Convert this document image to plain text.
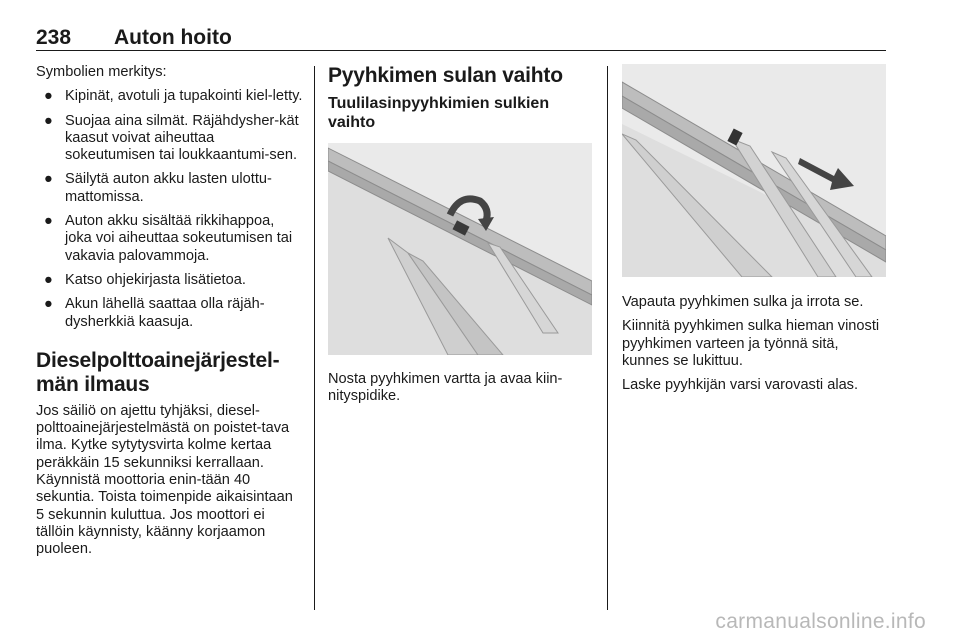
238 Auton hoito

Symbolien merkitys:

● Kipinät, avotuli ja tupakointi kiel-letty.
● Suojaa aina silmät. Räjähdysher-kät kaasut voivat aiheuttaa sokeutumisen tai loukkaantumi-sen.
● Säilytä auton akku lasten ulottu-mattomissa.
● Auton akku sisältää rikkihappoa, joka voi aiheuttaa sokeutumisen tai vakavia palovammoja.
● Katso ohjekirjasta lisätietoa.
● Akun lähellä saattaa olla räjäh-dysherkkiä kaasuja.
Dieselpolttoainejärjestel-män ilmaus

Jos säiliö on ajettu tyhjäksi, diesel-polttoainejärjestelmästä on poistet-tava ilma. Kytke sytytysvirta kolme kertaa peräkkäin 15 sekunniksi kerrallaan. Käynnistä moottoria enin-tään 40 sekuntia. Toista toimenpide aikaisintaan 5 sekunnin kuluttua. Jos moottori ei tällöin käynnisty, käänny korjaamon puoleen.

Pyyhkimen sulan vaihto
Tuulilasinpyyhkimien sulkien vaihto

Nosta pyyhkimen vartta ja avaa kiin-nityspidike.

Vapauta pyyhkimen sulka ja irrota se.

Kiinnitä pyyhkimen sulka hieman vinosti pyyhkimen varteen ja työnnä sitä, kunnes se lukittuu.

Laske pyyhkijän varsi varovasti alas.

carmanualsonline.info
